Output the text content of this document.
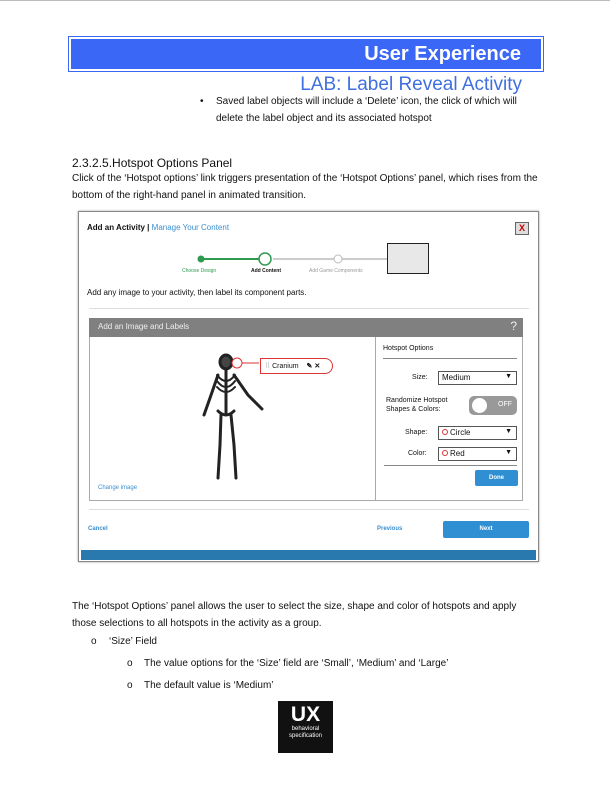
User Experience
LAB: Label Reveal Activity
• Saved label objects will include a ‘Delete’ icon, the click of which will delete the label object and its associated hotspot
2.3.2.5.Hotspot Options Panel
Click of the ‘Hotspot options’ link triggers presentation of the ‘Hotspot Options’ panel, which rises from the bottom of the right-hand panel in animated transition.
Add an Activity | Manage Your Content	X
Choose Design	Add Content	Add Game Components
Add any image to your activity, then label its component parts.
Add an Image and Labels	?
⠿ Cranium ✎ ✕
Change image
Hotspot Options
Size:	Medium	▼
Randomize Hotspot Shapes & Colors:
OFF
Shape:	Circle	▼
Color:	Red	▼
Done
Cancel	Previous	Next
The ‘Hotspot Options’ panel allows the user to select the size, shape and color of hotspots and apply those selections to all hotspots in the activity as a group.
o ‘Size’ Field
o The value options for the ‘Size’ field are ‘Small’, ‘Medium’ and ‘Large’
o The default value is ‘Medium’
UX
behavioral
specification
